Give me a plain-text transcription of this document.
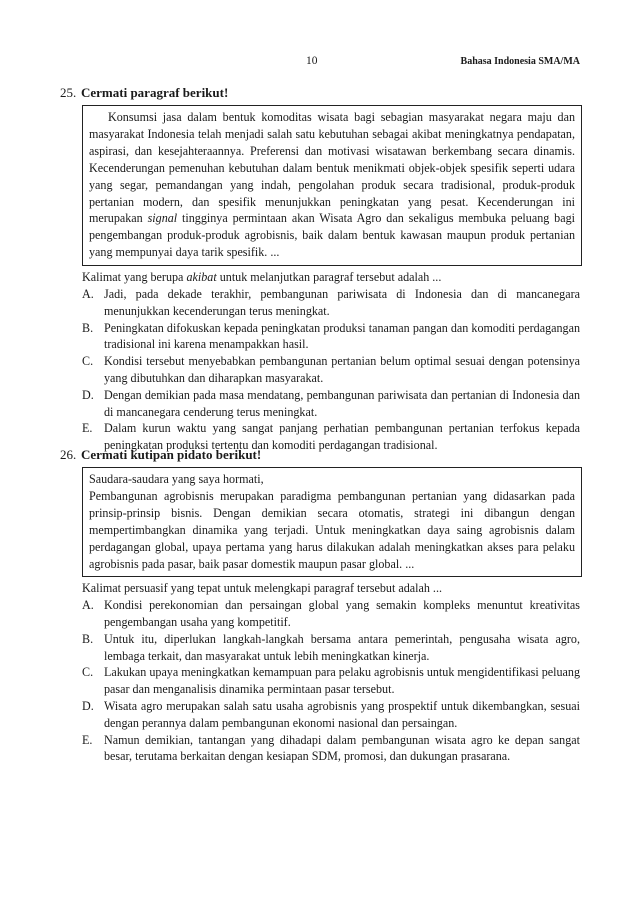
10	Bahasa Indonesia SMA/MA
25. Cermati paragraf berikut!

Konsumsi jasa dalam bentuk komoditas wisata bagi sebagian masyarakat negara maju dan masyarakat Indonesia telah menjadi salah satu kebutuhan sebagai akibat meningkatnya pendapatan, aspirasi, dan kesejahteraannya. Preferensi dan motivasi wisatawan berkembang secara dinamis. Kecenderungan pemenuhan kebutuhan dalam bentuk menikmati objek-objek spesifik seperti udara yang segar, pemandangan yang indah, pengolahan produk secara tradisional, produk-produk pertanian modern, dan spesifik menunjukkan peningkatan yang pesat. Kecenderungan ini merupakan signal tingginya permintaan akan Wisata Agro dan sekaligus membuka peluang bagi pengembangan produk-produk agrobisnis, baik dalam bentuk kawasan maupun produk pertanian yang mempunyai daya tarik spesifik. ...

Kalimat yang berupa akibat untuk melanjutkan paragraf tersebut adalah ...
A. Jadi, pada dekade terakhir, pembangunan pariwisata di Indonesia dan di mancanegara menunjukkan kecenderungan terus meningkat.
B. Peningkatan difokuskan kepada peningkatan produksi tanaman pangan dan komoditi perdagangan tradisional ini karena menampakkan hasil.
C. Kondisi tersebut menyebabkan pembangunan pertanian belum optimal sesuai dengan potensinya yang dibutuhkan dan diharapkan masyarakat.
D. Dengan demikian pada masa mendatang, pembangunan pariwisata dan pertanian di Indonesia dan di mancanegara cenderung terus meningkat.
E. Dalam kurun waktu yang sangat panjang perhatian pembangunan pertanian terfokus kepada peningkatan produksi tertentu dan komoditi perdagangan tradisional.
26. Cermati kutipan pidato berikut!

Saudara-saudara yang saya hormati,

Pembangunan agrobisnis merupakan paradigma pembangunan pertanian yang didasarkan pada prinsip-prinsip bisnis. Dengan demikian secara otomatis, strategi ini dibangun dengan mempertimbangkan dinamika yang terjadi. Untuk meningkatkan daya saing agrobisnis dalam perdagangan global, upaya pertama yang harus dilakukan adalah meningkatkan akses para pelaku agrobisnis pada pasar, baik pasar domestik maupun pasar global. ...

Kalimat persuasif yang tepat untuk melengkapi paragraf tersebut adalah ...
A. Kondisi perekonomian dan persaingan global yang semakin kompleks menuntut kreativitas pengembangan usaha yang kompetitif.
B. Untuk itu, diperlukan langkah-langkah bersama antara pemerintah, pengusaha wisata agro, lembaga terkait, dan masyarakat untuk lebih meningkatkan kinerja.
C. Lakukan upaya meningkatkan kemampuan para pelaku agrobisnis untuk mengidentifikasi peluang pasar dan menganalisis dinamika permintaan pasar tersebut.
D. Wisata agro merupakan salah satu usaha agrobisnis yang prospektif untuk dikembangkan, sesuai dengan perannya dalam pembangunan ekonomi nasional dan persaingan.
E. Namun demikian, tantangan yang dihadapi dalam pembangunan wisata agro ke depan sangat besar, terutama berkaitan dengan kesiapan SDM, promosi, dan dukungan prasarana.
